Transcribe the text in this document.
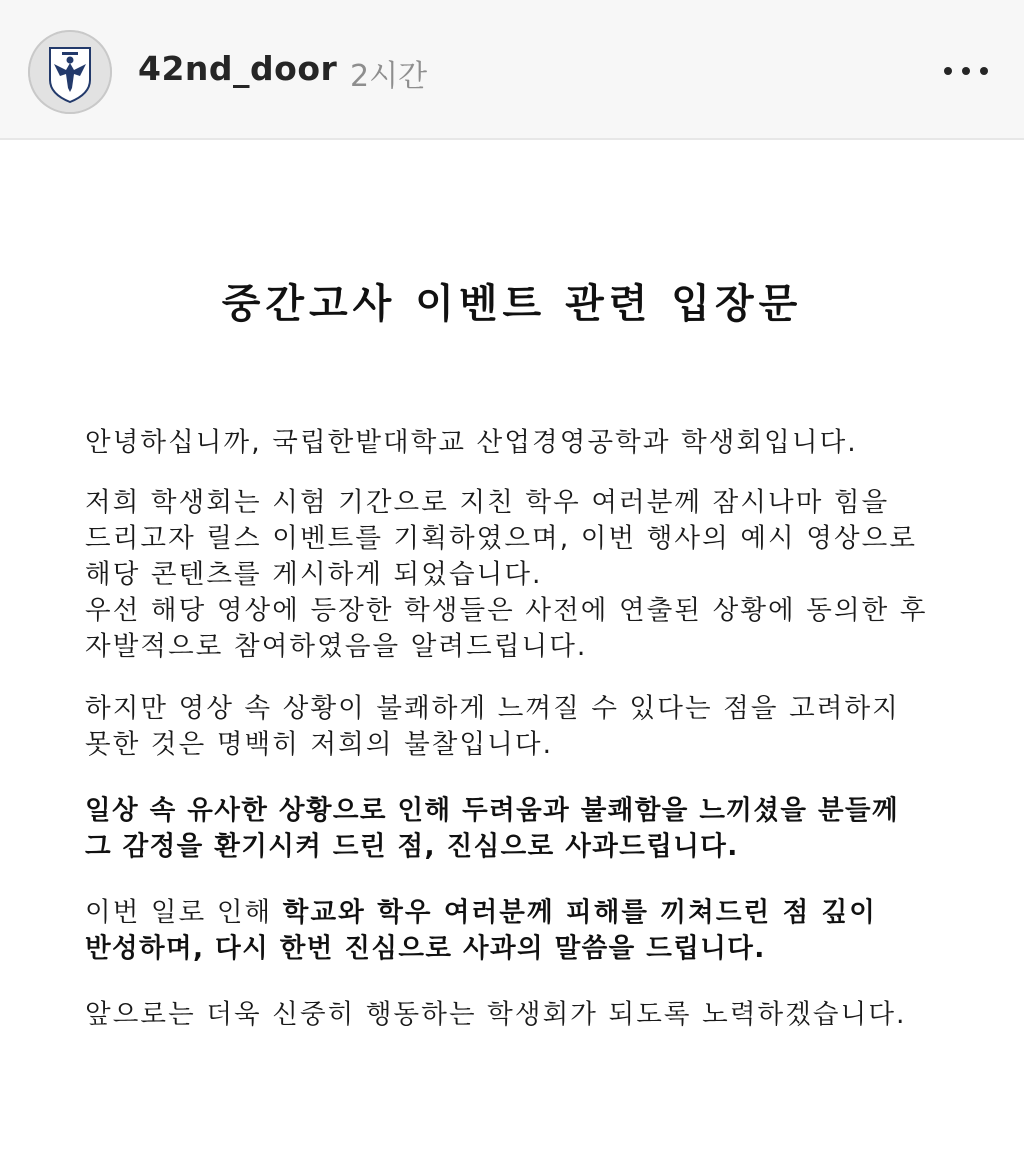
42nd_door 2시간
중간고사 이벤트 관련 입장문
안녕하십니까, 국립한밭대학교 산업경영공학과 학생회입니다.
저희 학생회는 시험 기간으로 지친 학우 여러분께 잠시나마 힘을
드리고자 릴스 이벤트를 기획하였으며, 이번 행사의 예시 영상으로
해당 콘텐츠를 게시하게 되었습니다.
우선 해당 영상에 등장한 학생들은 사전에 연출된 상황에 동의한 후
자발적으로 참여하였음을 알려드립니다.
하지만 영상 속 상황이 불쾌하게 느껴질 수 있다는 점을 고려하지
못한 것은 명백히 저희의 불찰입니다.
일상 속 유사한 상황으로 인해 두려움과 불쾌함을 느끼셨을 분들께
그 감정을 환기시켜 드린 점, 진심으로 사과드립니다.
이번 일로 인해 학교와 학우 여러분께 피해를 끼쳐드린 점 깊이
반성하며, 다시 한번 진심으로 사과의 말씀을 드립니다.
앞으로는 더욱 신중히 행동하는 학생회가 되도록 노력하겠습니다.
